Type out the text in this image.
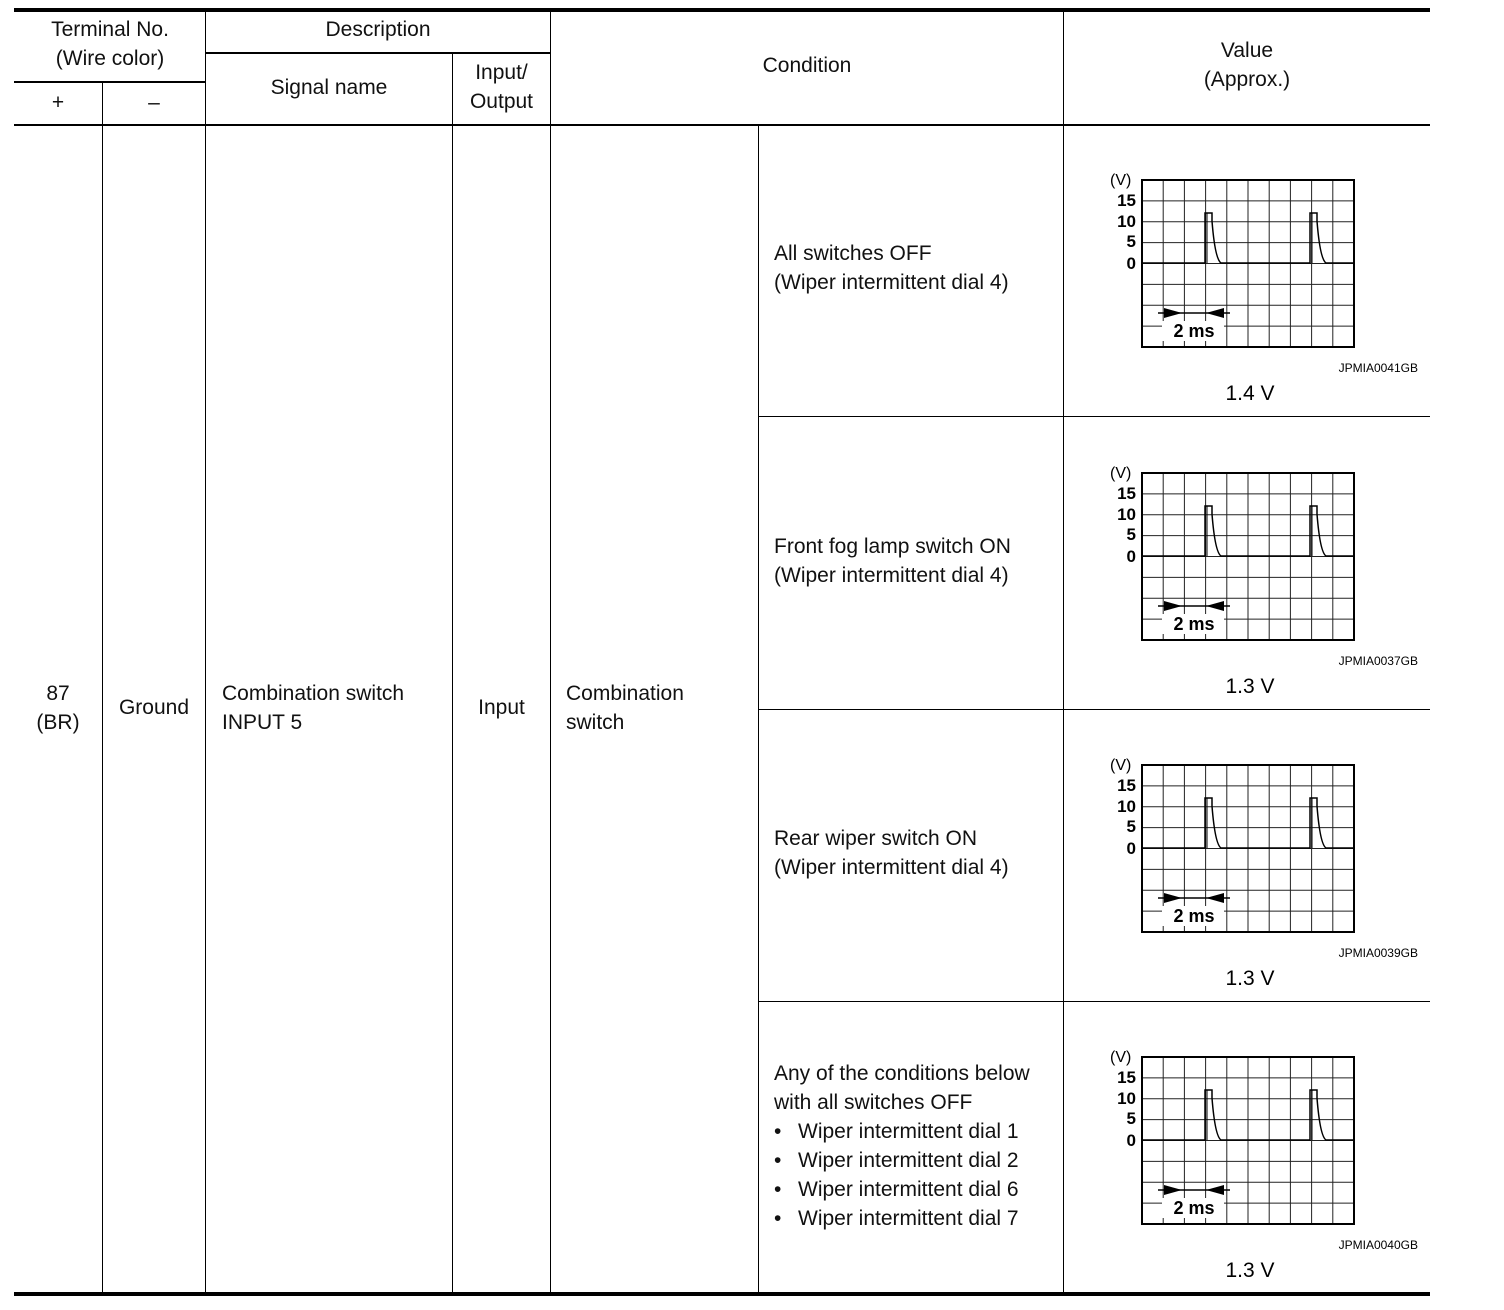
Terminal No.
(Wire color)
+	–
Description
Signal name
Input/
Output
Condition
Value
(Approx.)
87
(BR)
Ground
Combination switch
INPUT 5
Input
Combination
switch
All switches OFF
(Wiper intermittent dial 4)
Front fog lamp switch ON
(Wiper intermittent dial 4)
Rear wiper switch ON
(Wiper intermittent dial 4)
Any of the conditions below
with all switches OFF
• Wiper intermittent dial 1
• Wiper intermittent dial 2
• Wiper intermittent dial 6
• Wiper intermittent dial 7
(V)
15
10
5
0
2 ms
JPMIA0041GB
1.4 V
(V)
15
10
5
0
2 ms
JPMIA0037GB
1.3 V
(V)
15
10
5
0
2 ms
JPMIA0039GB
1.3 V
(V)
15
10
5
0
2 ms
JPMIA0040GB
1.3 V
